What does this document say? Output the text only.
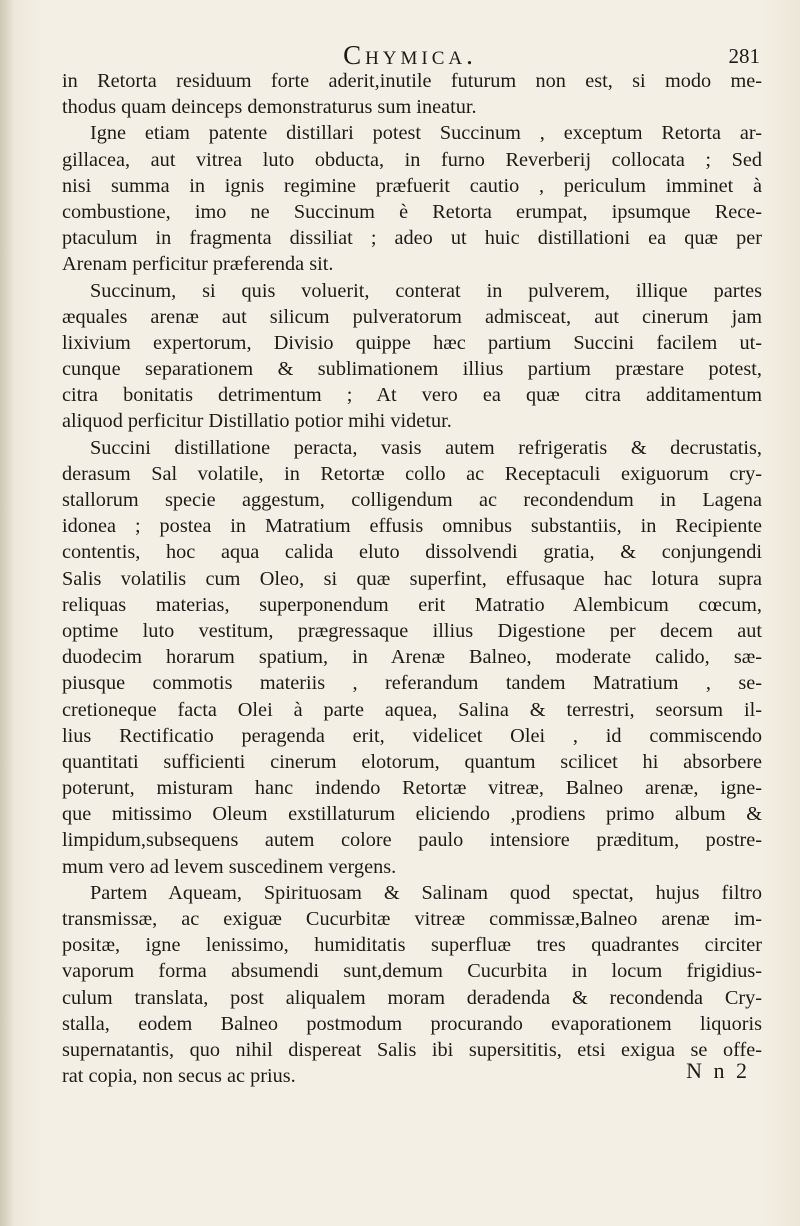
Chymica.	281
in Retorta residuum forte aderit,inutile futurum non est, si modo me-
thodus quam deinceps demonstraturus sum ineatur.
Igne etiam patente distillari potest Succinum , exceptum Retorta ar-
gillacea, aut vitrea luto obducta, in furno Reverberij collocata ; Sed
nisi summa in ignis regimine præfuerit cautio , periculum imminet à
combustione, imo ne Succinum è Retorta erumpat, ipsumque Rece-
ptaculum in fragmenta dissiliat ; adeo ut huic distillationi ea quæ per
Arenam perficitur præferenda sit.
Succinum, si quis voluerit, conterat in pulverem, illique partes
æquales arenæ aut silicum pulveratorum admisceat, aut cinerum jam
lixivium expertorum, Divisio quippe hæc partium Succini facilem ut-
cunque separationem & sublimationem illius partium præstare potest,
citra bonitatis detrimentum ; At vero ea quæ citra additamentum
aliquod perficitur Distillatio potior mihi videtur.
Succini distillatione peracta, vasis autem refrigeratis & decrustatis,
derasum Sal volatile, in Retortæ collo ac Receptaculi exiguorum cry-
stallorum specie aggestum, colligendum ac recondendum in Lagena
idonea ; postea in Matratium effusis omnibus substantiis, in Recipiente
contentis, hoc aqua calida eluto dissolvendi gratia, & conjungendi
Salis volatilis cum Oleo, si quæ superfint, effusaque hac lotura supra
reliquas materias, superponendum erit Matratio Alembicum cœcum,
optime luto vestitum, prægressaque illius Digestione per decem aut
duodecim horarum spatium, in Arenæ Balneo, moderate calido, sæ-
piusque commotis materiis , referandum tandem Matratium , se-
cretioneque facta Olei à parte aquea, Salina & terrestri, seorsum il-
lius Rectificatio peragenda erit, videlicet Olei , id commiscendo
quantitati sufficienti cinerum elotorum, quantum scilicet hi absorbere
poterunt, misturam hanc indendo Retortæ vitreæ, Balneo arenæ, igne-
que mitissimo Oleum exstillaturum eliciendo ,prodiens primo album &
limpidum,subsequens autem colore paulo intensiore præditum, postre-
mum vero ad levem suscedinem vergens.
Partem Aqueam, Spirituosam & Salinam quod spectat, hujus filtro
transmissæ, ac exiguæ Cucurbitæ vitreæ commissæ,Balneo arenæ im-
positæ, igne lenissimo, humiditatis superfluæ tres quadrantes circiter
vaporum forma absumendi sunt,demum Cucurbita in locum frigidius-
culum translata, post aliqualem moram deradenda & recondenda Cry-
stalla, eodem Balneo postmodum procurando evaporationem liquoris
supernatantis, quo nihil dispereat Salis ibi supersititis, etsi exigua se offe-
rat copia, non secus ac prius.	N n 2
